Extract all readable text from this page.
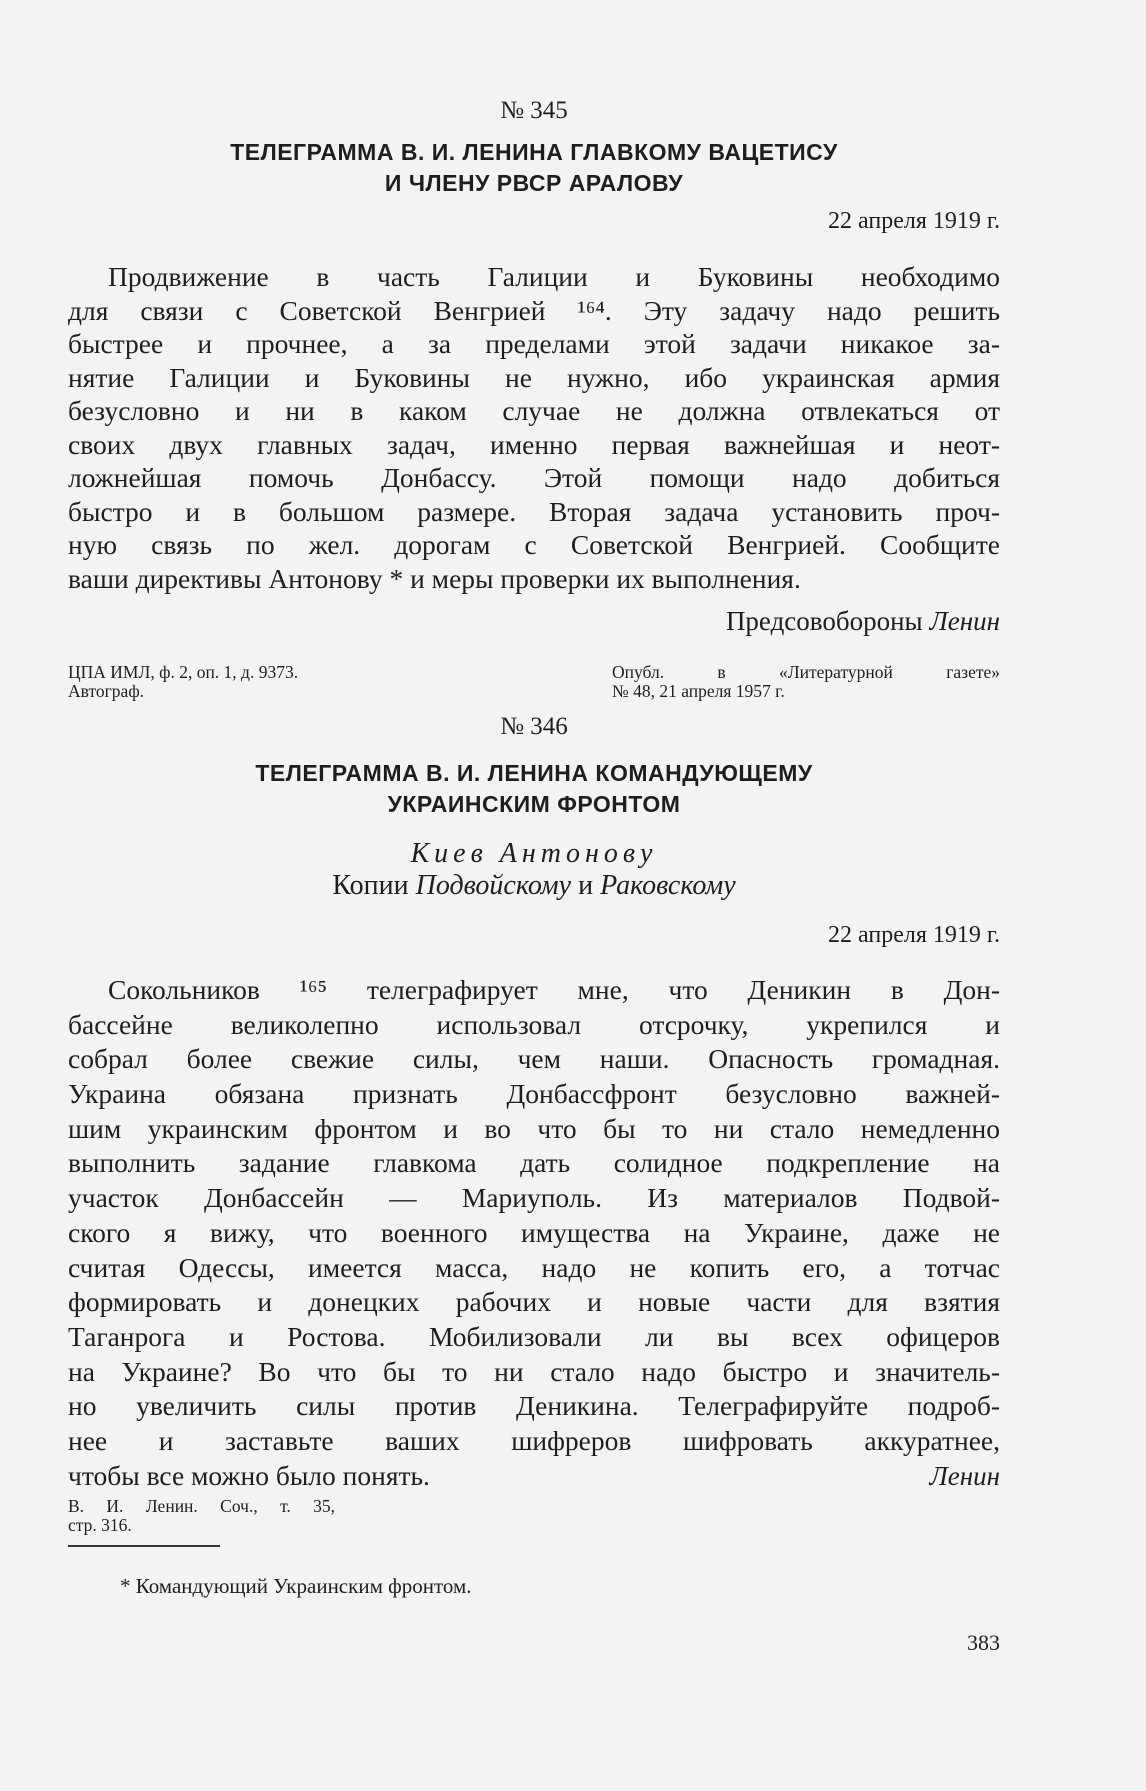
№ 345
ТЕЛЕГРАММА В. И. ЛЕНИНА ГЛАВКОМУ ВАЦЕТИСУ
И ЧЛЕНУ РВСР АРАЛОВУ
22 апреля 1919 г.
Продвижение в часть Галиции и Буковины необходимо
для связи с Советской Венгрией ¹⁶⁴. Эту задачу надо решить
быстрее и прочнее, а за пределами этой задачи никакое за-
нятие Галиции и Буковины не нужно, ибо украинская армия
безусловно и ни в каком случае не должна отвлекаться от
своих двух главных задач, именно первая важнейшая и неот-
ложнейшая помочь Донбассу. Этой помощи надо добиться
быстро и в большом размере. Вторая задача установить проч-
ную связь по жел. дорогам с Советской Венгрией. Сообщите
ваши директивы Антонову * и меры проверки их выполнения.
Предсовобороны Ленин
ЦПА ИМЛ, ф. 2, оп. 1, д. 9373.
Автограф.
Опубл. в «Литературной газете»
№ 48, 21 апреля 1957 г.
№ 346
ТЕЛЕГРАММА В. И. ЛЕНИНА КОМАНДУЮЩЕМУ
УКРАИНСКИМ ФРОНТОМ
Киев Антонову
Копии Подвойскому и Раковскому
22 апреля 1919 г.
Сокольников ¹⁶⁵ телеграфирует мне, что Деникин в Дон-
бассейне великолепно использовал отсрочку, укрепился и
собрал более свежие силы, чем наши. Опасность громадная.
Украина обязана признать Донбассфронт безусловно важней-
шим украинским фронтом и во что бы то ни стало немедленно
выполнить задание главкома дать солидное подкрепление на
участок Донбассейн — Мариуполь. Из материалов Подвой-
ского я вижу, что военного имущества на Украине, даже не
считая Одессы, имеется масса, надо не копить его, а тотчас
формировать и донецких рабочих и новые части для взятия
Таганрога и Ростова. Мобилизовали ли вы всех офицеров
на Украине? Во что бы то ни стало надо быстро и значитель-
но увеличить силы против Деникина. Телеграфируйте подроб-
нее и заставьте ваших шифреров шифровать аккуратнее,
чтобы все можно было понять.	Ленин
В. И. Ленин. Соч., т. 35,
стр. 316.
* Командующий Украинским фронтом.
383
